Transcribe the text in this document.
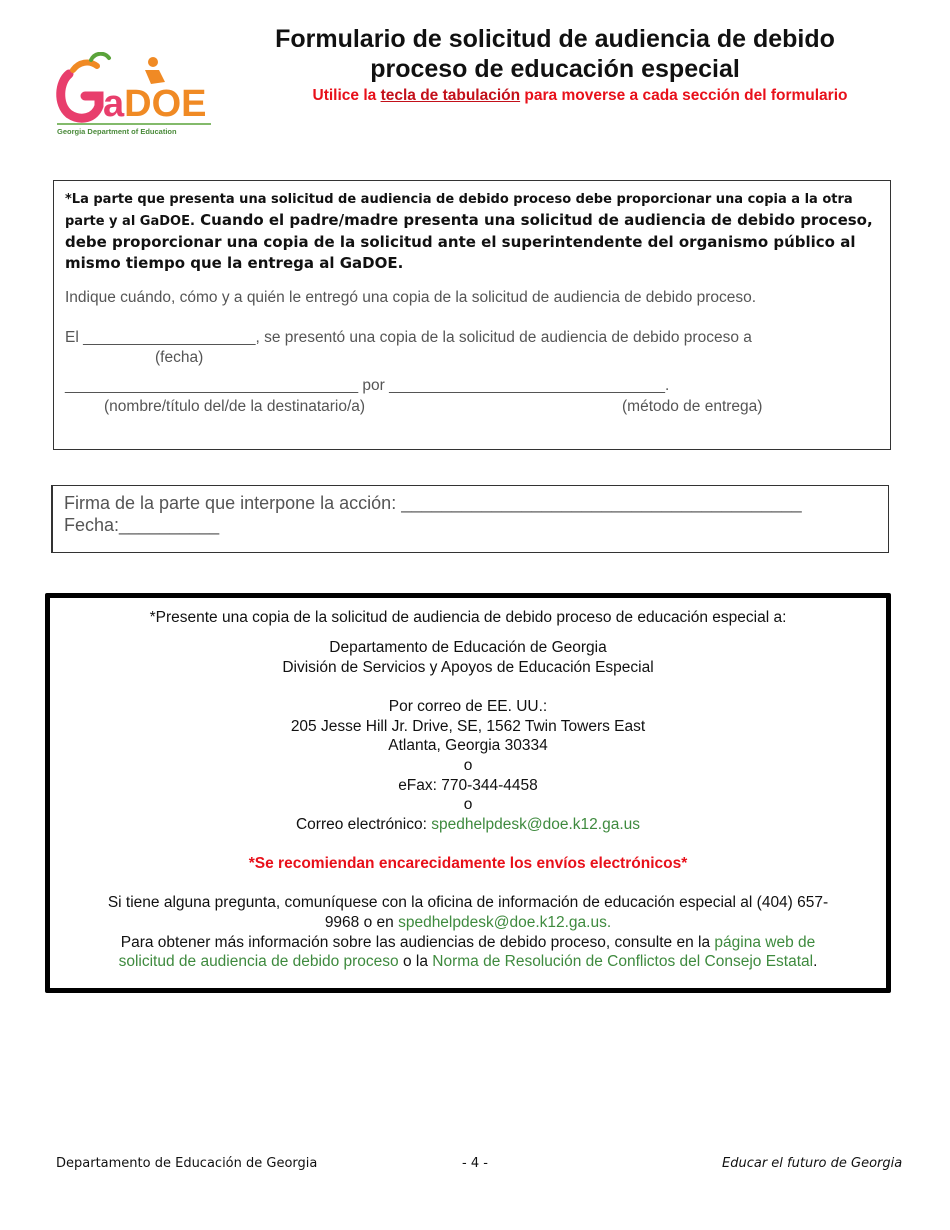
aDOE
Georgia Department of Education
Formulario de solicitud de audiencia de debido
proceso de educación especial
Utilice la tecla de tabulación para moverse a cada sección del formulario
*La parte que presenta una solicitud de audiencia de debido proceso debe proporcionar una copia a la otra parte y al GaDOE. Cuando el padre/madre presenta una solicitud de audiencia de debido proceso, debe proporcionar una copia de la solicitud ante el superintendente del organismo público al mismo tiempo que la entrega al GaDOE.
Indique cuándo, cómo y a quién le entregó una copia de la solicitud de audiencia de debido proceso.
El ____________________, se presentó una copia de la solicitud de audiencia de debido proceso a
(fecha)
__________________________________ por ________________________________.
(nombre/título del/de la destinatario/a)	(método de entrega)
Firma de la parte que interpone la acción: ________________________________________
Fecha:__________
*Presente una copia de la solicitud de audiencia de debido proceso de educación especial a:
Departamento de Educación de Georgia
División de Servicios y Apoyos de Educación Especial
Por correo de EE. UU.:
205 Jesse Hill Jr. Drive, SE, 1562 Twin Towers East
Atlanta, Georgia 30334
o
eFax: 770-344-4458
o
Correo electrónico: spedhelpdesk@doe.k12.ga.us
*Se recomiendan encarecidamente los envíos electrónicos*
Si tiene alguna pregunta, comuníquese con la oficina de información de educación especial al (404) 657-
9968 o en spedhelpdesk@doe.k12.ga.us.
Para obtener más información sobre las audiencias de debido proceso, consulte en la página web de
solicitud de audiencia de debido proceso o la Norma de Resolución de Conflictos del Consejo Estatal.
Departamento de Educación de Georgia	- 4 -	Educar el futuro de Georgia
